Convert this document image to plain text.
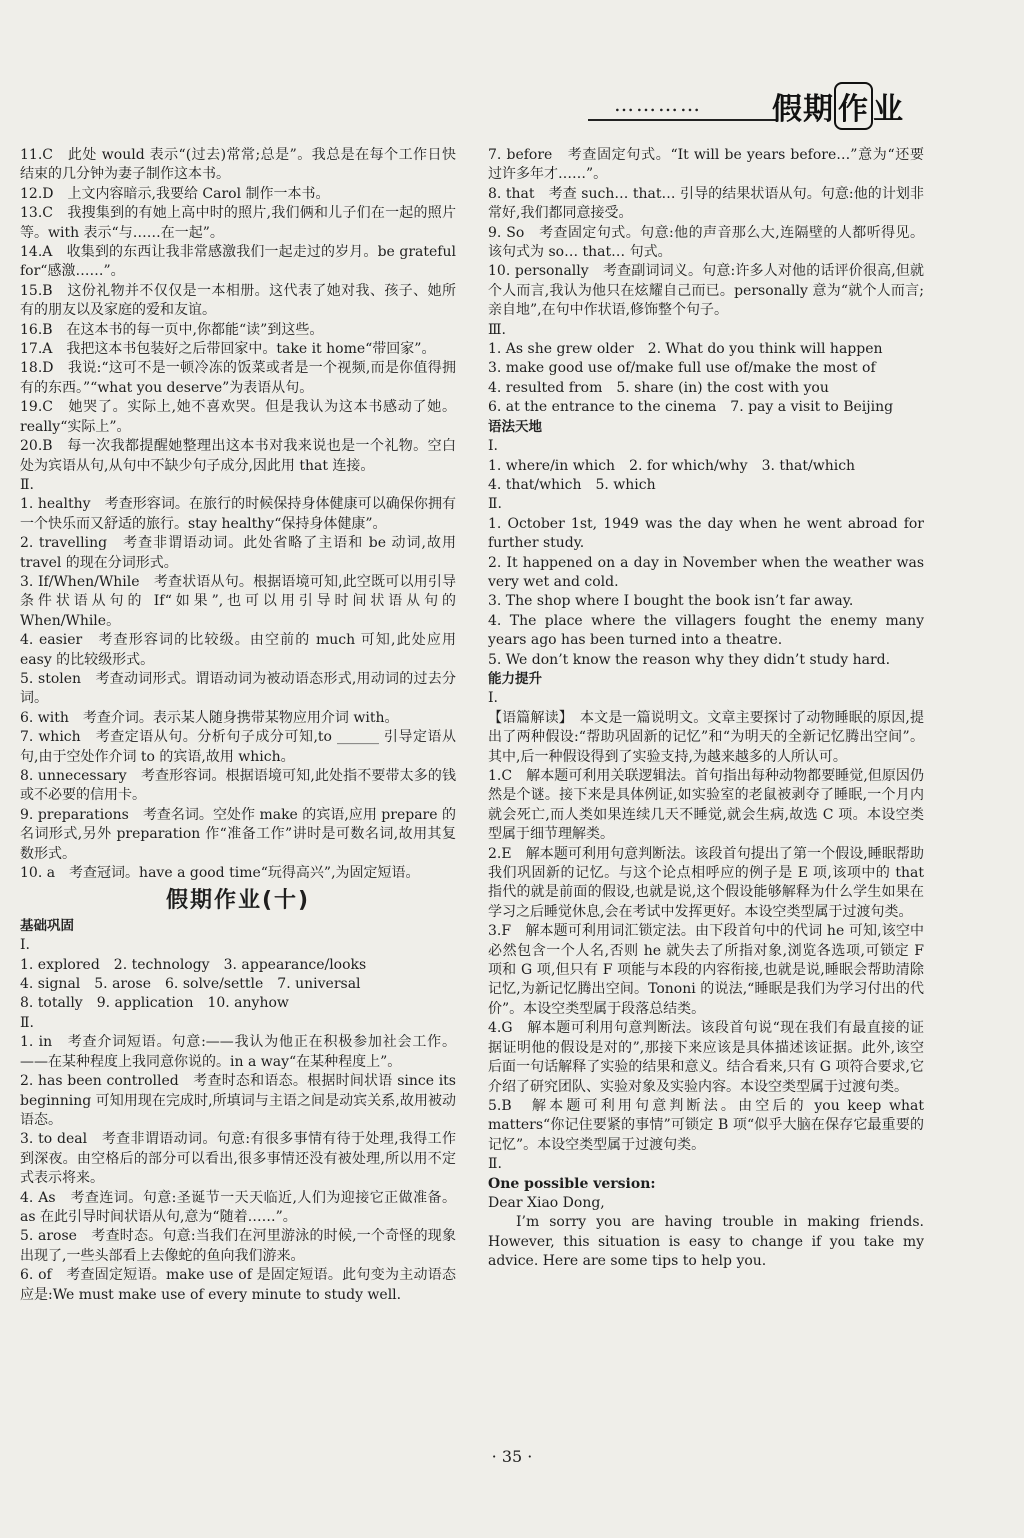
………… 假期 作 业

11.C　此处 would 表示“(过去)常常;总是”。我总是在每个工作日快结束的几分钟为妻子制作这本书。

12.D　上文内容暗示,我要给 Carol 制作一本书。

13.C　我搜集到的有她上高中时的照片,我们俩和儿子们在一起的照片等。with 表示“与……在一起”。

14.A　收集到的东西让我非常感激我们一起走过的岁月。be grateful for“感激……”。

15.B　这份礼物并不仅仅是一本相册。这代表了她对我、孩子、她所有的朋友以及家庭的爱和友谊。

16.B　在这本书的每一页中,你都能“读”到这些。

17.A　我把这本书包装好之后带回家中。take it home“带回家”。

18.D　我说:“这可不是一顿冷冻的饭菜或者是一个视频,而是你值得拥有的东西。”“what you deserve”为表语从句。

19.C　她哭了。实际上,她不喜欢哭。但是我认为这本书感动了她。really“实际上”。

20.B　每一次我都提醒她整理出这本书对我来说也是一个礼物。空白处为宾语从句,从句中不缺少句子成分,因此用 that 连接。

Ⅱ.

1. healthy　考查形容词。在旅行的时候保持身体健康可以确保你拥有一个快乐而又舒适的旅行。stay healthy“保持身体健康”。

2. travelling　考查非谓语动词。此处省略了主语和 be 动词,故用 travel 的现在分词形式。

3. If/When/While　考查状语从句。根据语境可知,此空既可以用引导条件状语从句的 If“如果”,也可以用引导时间状语从句的 When/While。

4. easier　考查形容词的比较级。由空前的 much 可知,此处应用 easy 的比较级形式。

5. stolen　考查动词形式。谓语动词为被动语态形式,用动词的过去分词。

6. with　考查介词。表示某人随身携带某物应用介词 with。

7. which　考查定语从句。分析句子成分可知,to ______ 引导定语从句,由于空处作介词 to 的宾语,故用 which。

8. unnecessary　考查形容词。根据语境可知,此处指不要带太多的钱或不必要的信用卡。

9. preparations　考查名词。空处作 make 的宾语,应用 prepare 的名词形式,另外 preparation 作“准备工作”讲时是可数名词,故用其复数形式。

10. a　考查冠词。have a good time“玩得高兴”,为固定短语。

假期作业(十)

基础巩固

Ⅰ.

1. explored　2. technology　3. appearance/looks

4. signal　5. arose　6. solve/settle　7. universal

8. totally　9. application　10. anyhow

Ⅱ.

1. in　考查介词短语。句意:——我认为他正在积极参加社会工作。——在某种程度上我同意你说的。in a way“在某种程度上”。

2. has been controlled　考查时态和语态。根据时间状语 since its beginning 可知用现在完成时,所填词与主语之间是动宾关系,故用被动语态。

3. to deal　考查非谓语动词。句意:有很多事情有待于处理,我得工作到深夜。由空格后的部分可以看出,很多事情还没有被处理,所以用不定式表示将来。

4. As　考查连词。句意:圣诞节一天天临近,人们为迎接它正做准备。as 在此引导时间状语从句,意为“随着……”。

5. arose　考查时态。句意:当我们在河里游泳的时候,一个奇怪的现象出现了,一些头部看上去像蛇的鱼向我们游来。

6. of　考查固定短语。make use of 是固定短语。此句变为主动语态应是:We must make use of every minute to study well.

7. before　考查固定句式。“It will be years before…”意为“还要过许多年才……”。

8. that　考查 such… that… 引导的结果状语从句。句意:他的计划非常好,我们都同意接受。

9. So　考查固定句式。句意:他的声音那么大,连隔壁的人都听得见。该句式为 so… that… 句式。

10. personally　考查副词词义。句意:许多人对他的话评价很高,但就个人而言,我认为他只在炫耀自己而已。personally 意为“就个人而言;亲自地”,在句中作状语,修饰整个句子。

Ⅲ.

1. As she grew older　2. What do you think will happen

3. make good use of/make full use of/make the most of

4. resulted from　5. share (in) the cost with you

6. at the entrance to the cinema　7. pay a visit to Beijing

语法天地

Ⅰ.

1. where/in which　2. for which/why　3. that/which

4. that/which　5. which

Ⅱ.

1. October 1st, 1949 was the day when he went abroad for further study.

2. It happened on a day in November when the weather was very wet and cold.

3. The shop where I bought the book isn’t far away.

4. The place where the villagers fought the enemy many years ago has been turned into a theatre.

5. We don’t know the reason why they didn’t study hard.

能力提升

Ⅰ.

【语篇解读】　本文是一篇说明文。文章主要探讨了动物睡眠的原因,提出了两种假设:“帮助巩固新的记忆”和“为明天的全新记忆腾出空间”。其中,后一种假设得到了实验支持,为越来越多的人所认可。

1.C　解本题可利用关联逻辑法。首句指出每种动物都要睡觉,但原因仍然是个谜。接下来是具体例证,如实验室的老鼠被剥夺了睡眠,一个月内就会死亡,而人类如果连续几天不睡觉,就会生病,故选 C 项。本设空类型属于细节理解类。

2.E　解本题可利用句意判断法。该段首句提出了第一个假设,睡眠帮助我们巩固新的记忆。与这个论点相呼应的例子是 E 项,该项中的 that 指代的就是前面的假设,也就是说,这个假设能够解释为什么学生如果在学习之后睡觉休息,会在考试中发挥更好。本设空类型属于过渡句类。

3.F　解本题可利用词汇锁定法。由下段首句中的代词 he 可知,该空中必然包含一个人名,否则 he 就失去了所指对象,浏览各选项,可锁定 F 项和 G 项,但只有 F 项能与本段的内容衔接,也就是说,睡眠会帮助清除记忆,为新记忆腾出空间。Tononi 的说法,“睡眠是我们为学习付出的代价”。本设空类型属于段落总结类。

4.G　解本题可利用句意判断法。该段首句说“现在我们有最直接的证据证明他的假设是对的”,那接下来应该是具体描述该证据。此外,该空后面一句话解释了实验的结果和意义。结合看来,只有 G 项符合要求,它介绍了研究团队、实验对象及实验内容。本设空类型属于过渡句类。

5.B　解本题可利用句意判断法。由空后的 you keep what matters“你记住要紧的事情”可锁定 B 项“似乎大脑在保存它最重要的记忆”。本设空类型属于过渡句类。

Ⅱ.

One possible version:

Dear Xiao Dong,

I’m sorry you are having trouble in making friends. However, this situation is easy to change if you take my advice. Here are some tips to help you.

· 35 ·
